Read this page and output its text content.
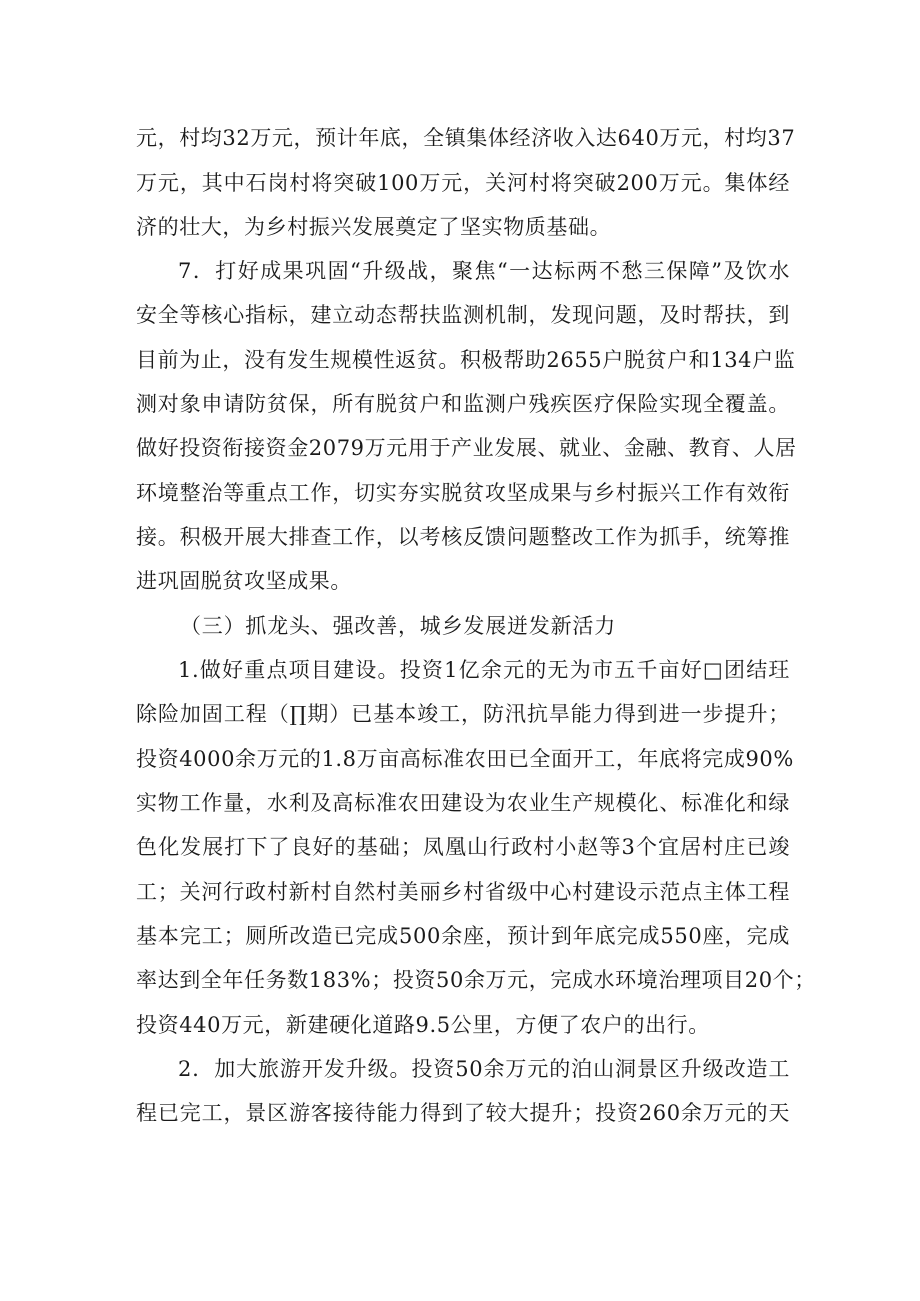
元，村均32万元，预计年底，全镇集体经济收入达640万元，村均37
万元，其中石岗村将突破100万元，关河村将突破200万元。集体经
济的壮大，为乡村振兴发展奠定了坚实物质基础。
7．打好成果巩固“升级战，聚焦“一达标两不愁三保障”及饮水
安全等核心指标，建立动态帮扶监测机制，发现问题，及时帮扶，到
目前为止，没有发生规模性返贫。积极帮助2655户脱贫户和134户监
测对象申请防贫保，所有脱贫户和监测户残疾医疗保险实现全覆盖。
做好投资衔接资金2079万元用于产业发展、就业、金融、教育、人居
环境整治等重点工作，切实夯实脱贫攻坚成果与乡村振兴工作有效衔
接。积极开展大排查工作，以考核反馈问题整改工作为抓手，统筹推
进巩固脱贫攻坚成果。
（三）抓龙头、强改善，城乡发展迸发新活力
1.做好重点项目建设。投资1亿余元的无为市五千亩好□团结玨
除险加固工程（∏期）已基本竣工，防汛抗旱能力得到进一步提升；
投资4000余万元的1.8万亩高标准农田已全面开工，年底将完成90%
实物工作量，水利及高标准农田建设为农业生产规模化、标准化和绿
色化发展打下了良好的基础；凤凰山行政村小赵等3个宜居村庄已竣
工；关河行政村新村自然村美丽乡村省级中心村建设示范点主体工程
基本完工；厕所改造已完成500余座，预计到年底完成550座，完成
率达到全年任务数183%；投资50余万元，完成水环境治理项目20个；
投资440万元，新建硬化道路9.5公里，方便了农户的出行。
2．加大旅游开发升级。投资50余万元的泊山洞景区升级改造工
程已完工，景区游客接待能力得到了较大提升；投资260余万元的天
